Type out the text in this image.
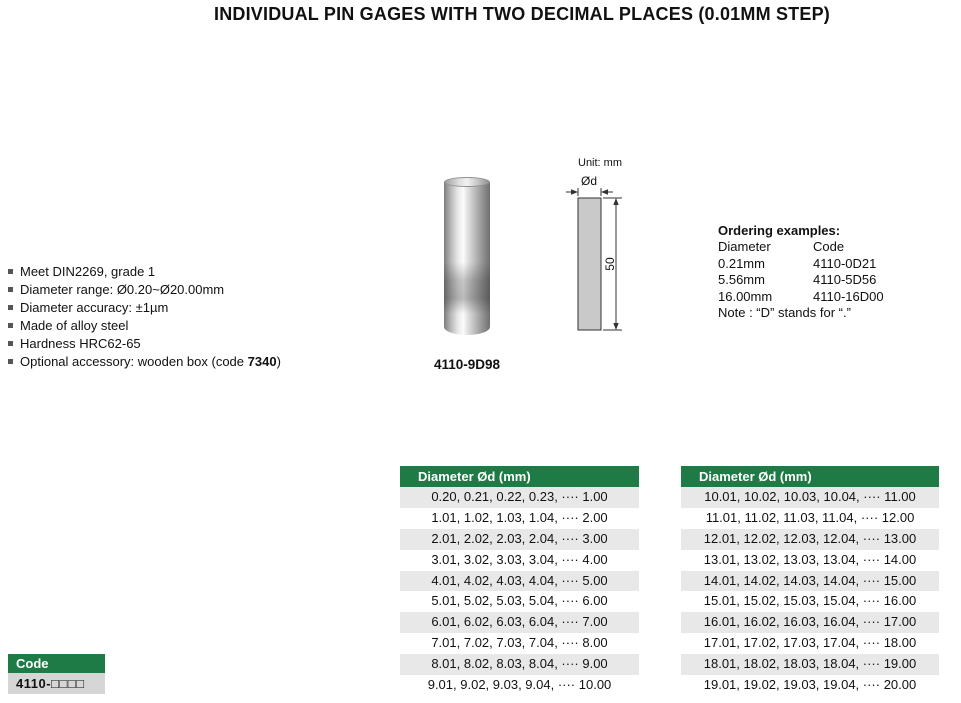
INDIVIDUAL PIN GAGES WITH TWO DECIMAL PLACES (0.01MM STEP)
Meet DIN2269, grade 1
Diameter range: Ø0.20~Ø20.00mm
Diameter accuracy: ±1µm
Made of alloy steel
Hardness HRC62-65
Optional accessory: wooden box (code 7340)	4110-9D98
Unit: mm
Ød
50
Ordering examples:
Diameter	Code
0.21mm	4110-0D21
5.56mm	4110-5D56
16.00mm	4110-16D00
Note : “D” stands for “.”
Diameter Ød (mm)
0.20, 0.21, 0.22, 0.23, ···· 1.00
1.01, 1.02, 1.03, 1.04, ···· 2.00
2.01, 2.02, 2.03, 2.04, ···· 3.00
3.01, 3.02, 3.03, 3.04, ···· 4.00
4.01, 4.02, 4.03, 4.04, ···· 5.00
5.01, 5.02, 5.03, 5.04, ···· 6.00
6.01, 6.02, 6.03, 6.04, ···· 7.00
7.01, 7.02, 7.03, 7.04, ···· 8.00
8.01, 8.02, 8.03, 8.04, ···· 9.00
9.01, 9.02, 9.03, 9.04, ···· 10.00
Diameter Ød (mm)
10.01, 10.02, 10.03, 10.04, ···· 11.00
11.01, 11.02, 11.03, 11.04, ···· 12.00
12.01, 12.02, 12.03, 12.04, ···· 13.00
13.01, 13.02, 13.03, 13.04, ···· 14.00
14.01, 14.02, 14.03, 14.04, ···· 15.00
15.01, 15.02, 15.03, 15.04, ···· 16.00
16.01, 16.02, 16.03, 16.04, ···· 17.00
17.01, 17.02, 17.03, 17.04, ···· 18.00
18.01, 18.02, 18.03, 18.04, ···· 19.00
19.01, 19.02, 19.03, 19.04, ···· 20.00
Code
4110-□□□□
